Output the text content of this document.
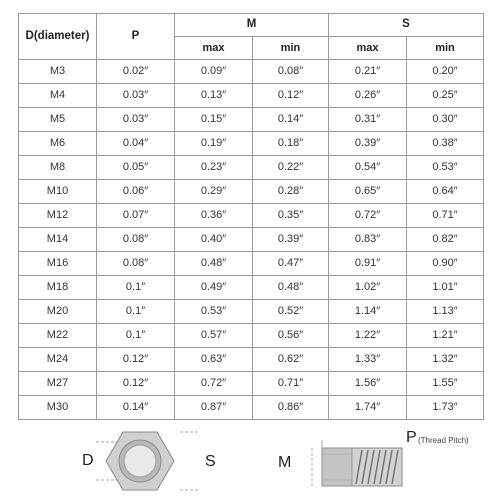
D(diameter)	P	M		S	
		max	min	max	min
M3	0.02″	0.09″	0.08″	0.21″	0.20″
M4	0.03″	0.13″	0.12″	0.26″	0.25″
M5	0.03″	0.15″	0.14″	0.31″	0.30″
M6	0.04″	0.19″	0.18″	0.39″	0.38″
M8	0.05″	0.23″	0.22″	0.54″	0.53″
M10	0.06″	0.29″	0.28″	0.65″	0.64″
M12	0.07″	0.36″	0.35″	0.72″	0.71″
M14	0.08″	0.40″	0.39″	0.83″	0.82″
M16	0.08″	0.48″	0.47″	0.91″	0.90″
M18	0.1″	0.49″	0.48″	1.02″	1.01″
M20	0.1″	0.53″	0.52″	1.14″	1.13″
M22	0.1″	0.57″	0.56″	1.22″	1.21″
M24	0.12″	0.63″	0.62″	1.33″	1.32″
M27	0.12″	0.72″	0.71″	1.56″	1.55″
M30	0.14″	0.87″	0.86″	1.74″	1.73″
D	S	M
P (Thread Pitch)
